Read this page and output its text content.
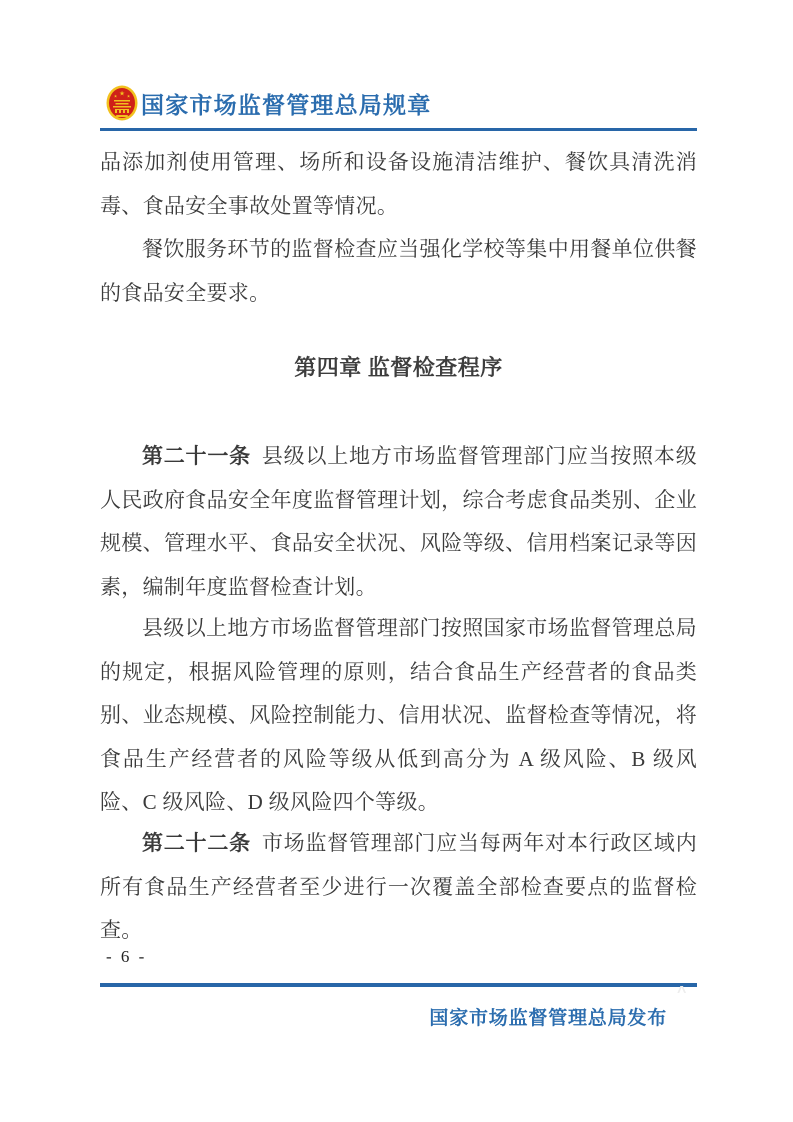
★
★ ★ 国家市场监督管理总局规章

品添加剂使用管理、场所和设备设施清洁维护、餐饮具清洗消毒、食品安全事故处置等情况。

餐饮服务环节的监督检查应当强化学校等集中用餐单位供餐的食品安全要求。

第四章 监督检查程序

第二十一条 县级以上地方市场监督管理部门应当按照本级人民政府食品安全年度监督管理计划，综合考虑食品类别、企业规模、管理水平、食品安全状况、风险等级、信用档案记录等因素，编制年度监督检查计划。

县级以上地方市场监督管理部门按照国家市场监督管理总局的规定，根据风险管理的原则，结合食品生产经营者的食品类别、业态规模、风险控制能力、信用状况、监督检查等情况，将食品生产经营者的风险等级从低到高分为 A 级风险、B 级风险、C 级风险、D 级风险四个等级。

第二十二条 市场监督管理部门应当每两年对本行政区域内所有食品生产经营者至少进行一次覆盖全部检查要点的监督检查。

- 6 -
^
国家市场监督管理总局发布
